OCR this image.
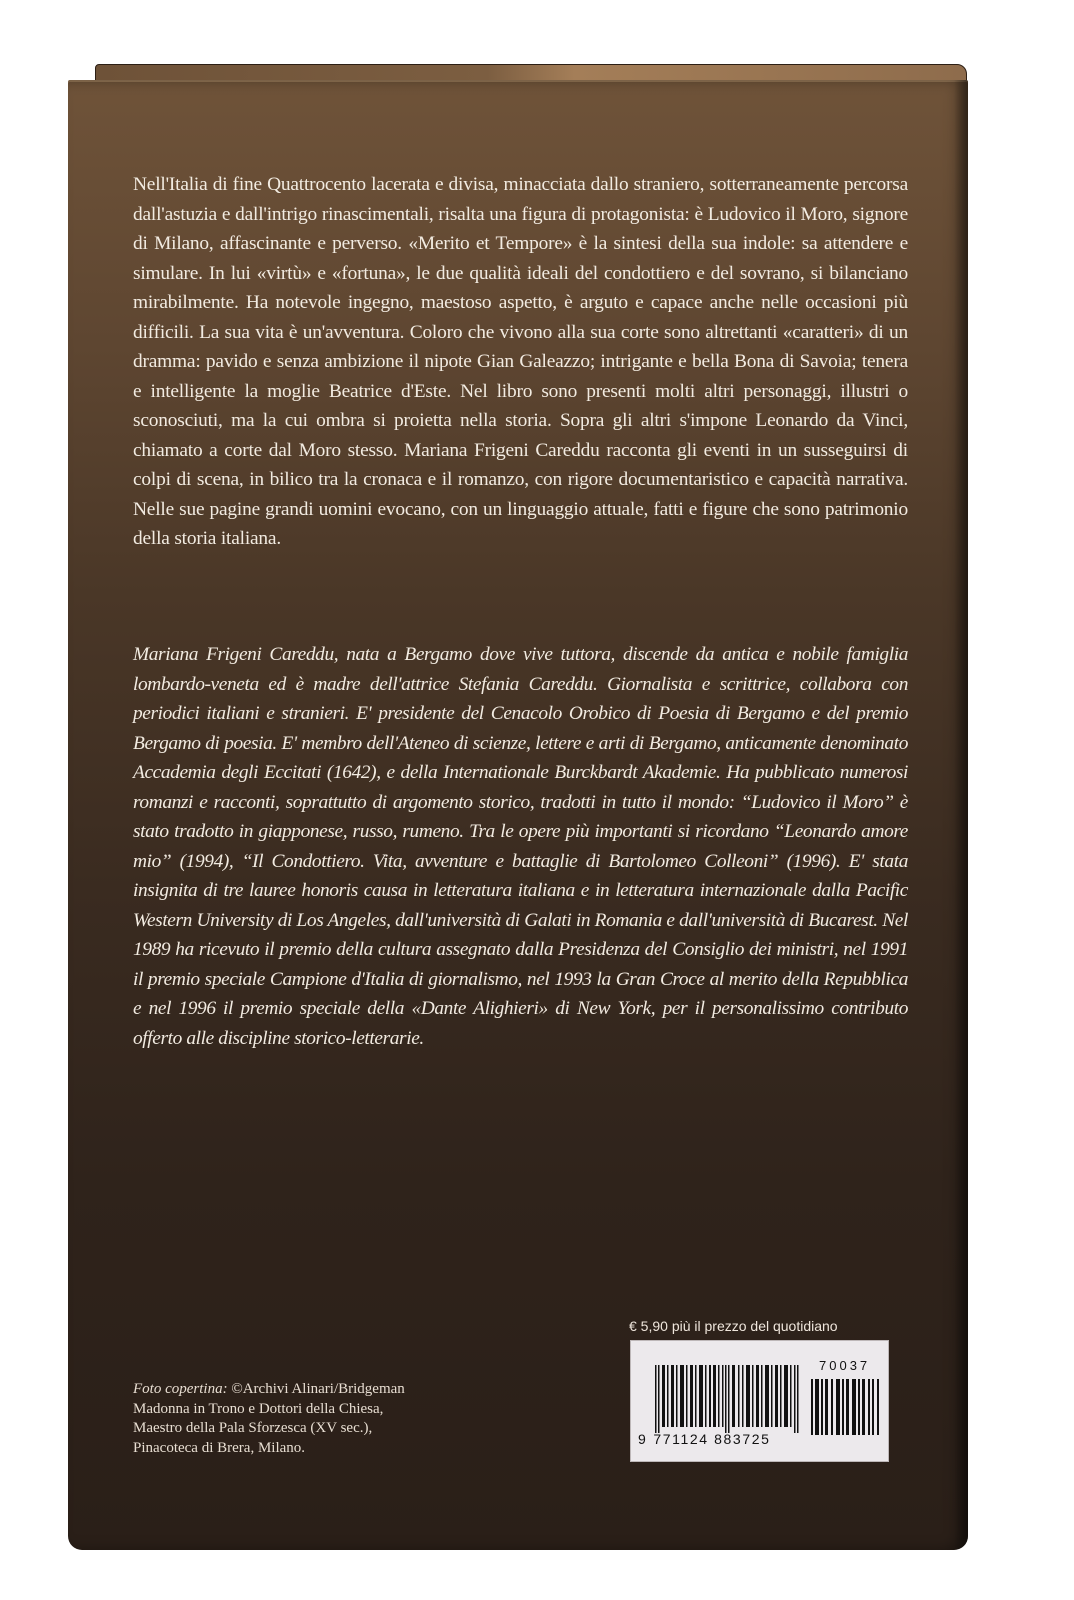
Nell'Italia di fine Quattrocento lacerata e divisa, minacciata dallo straniero, sotterraneamente percorsa dall'astuzia e dall'intrigo rinascimentali, risalta una figura di protagonista: è Ludovico il Moro, signore di Milano, affascinante e perverso. «Merito et Tempore» è la sintesi della sua indole: sa attendere e simulare. In lui «virtù» e «fortuna», le due qualità ideali del condottiero e del sovrano, si bilanciano mirabilmente. Ha notevole ingegno, maestoso aspetto, è arguto e capace anche nelle occasioni più difficili. La sua vita è un'avventura. Coloro che vivono alla sua corte sono altrettanti «caratteri» di un dramma: pavido e senza ambizione il nipote Gian Galeazzo; intrigante e bella Bona di Savoia; tenera e intelligente la moglie Beatrice d'Este. Nel libro sono presenti molti altri personaggi, illustri o sconosciuti, ma la cui ombra si proietta nella storia. Sopra gli altri s'impone Leonardo da Vinci, chiamato a corte dal Moro stesso. Mariana Frigeni Careddu racconta gli eventi in un susseguirsi di colpi di scena, in bilico tra la cronaca e il romanzo, con rigore documentaristico e capacità narrativa. Nelle sue pagine grandi uomini evocano, con un linguaggio attuale, fatti e figure che sono patrimonio della storia italiana.

Mariana Frigeni Careddu, nata a Bergamo dove vive tuttora, discende da antica e nobile famiglia lombardo-veneta ed è madre dell'attrice Stefania Careddu. Giornalista e scrittrice, collabora con periodici italiani e stranieri. E' presidente del Cenacolo Orobico di Poesia di Bergamo e del premio Bergamo di poesia. E' membro dell'Ateneo di scienze, lettere e arti di Bergamo, anticamente denominato Accademia degli Eccitati (1642), e della Internationale Burckbardt Akademie. Ha pubblicato numerosi romanzi e racconti, soprattutto di argomento storico, tradotti in tutto il mondo: “Ludovico il Moro” è stato tradotto in giapponese, russo, rumeno. Tra le opere più importanti si ricordano “Leonardo amore mio” (1994), “Il Condottiero. Vita, avventure e battaglie di Bartolomeo Colleoni” (1996). E' stata insignita di tre lauree honoris causa in letteratura italiana e in letteratura internazionale dalla Pacific Western University di Los Angeles, dall'università di Galati in Romania e dall'università di Bucarest. Nel 1989 ha ricevuto il premio della cultura assegnato dalla Presidenza del Consiglio dei ministri, nel 1991 il premio speciale Campione d'Italia di giornalismo, nel 1993 la Gran Croce al merito della Repubblica e nel 1996 il premio speciale della «Dante Alighieri» di New York, per il personalissimo contributo offerto alle discipline storico-letterarie.

€ 5,90 più il prezzo del quotidiano
70037
9 771124 883725
Foto copertina: ©Archivi Alinari/Bridgeman
Madonna in Trono e Dottori della Chiesa,
Maestro della Pala Sforzesca (XV sec.),
Pinacoteca di Brera, Milano.
